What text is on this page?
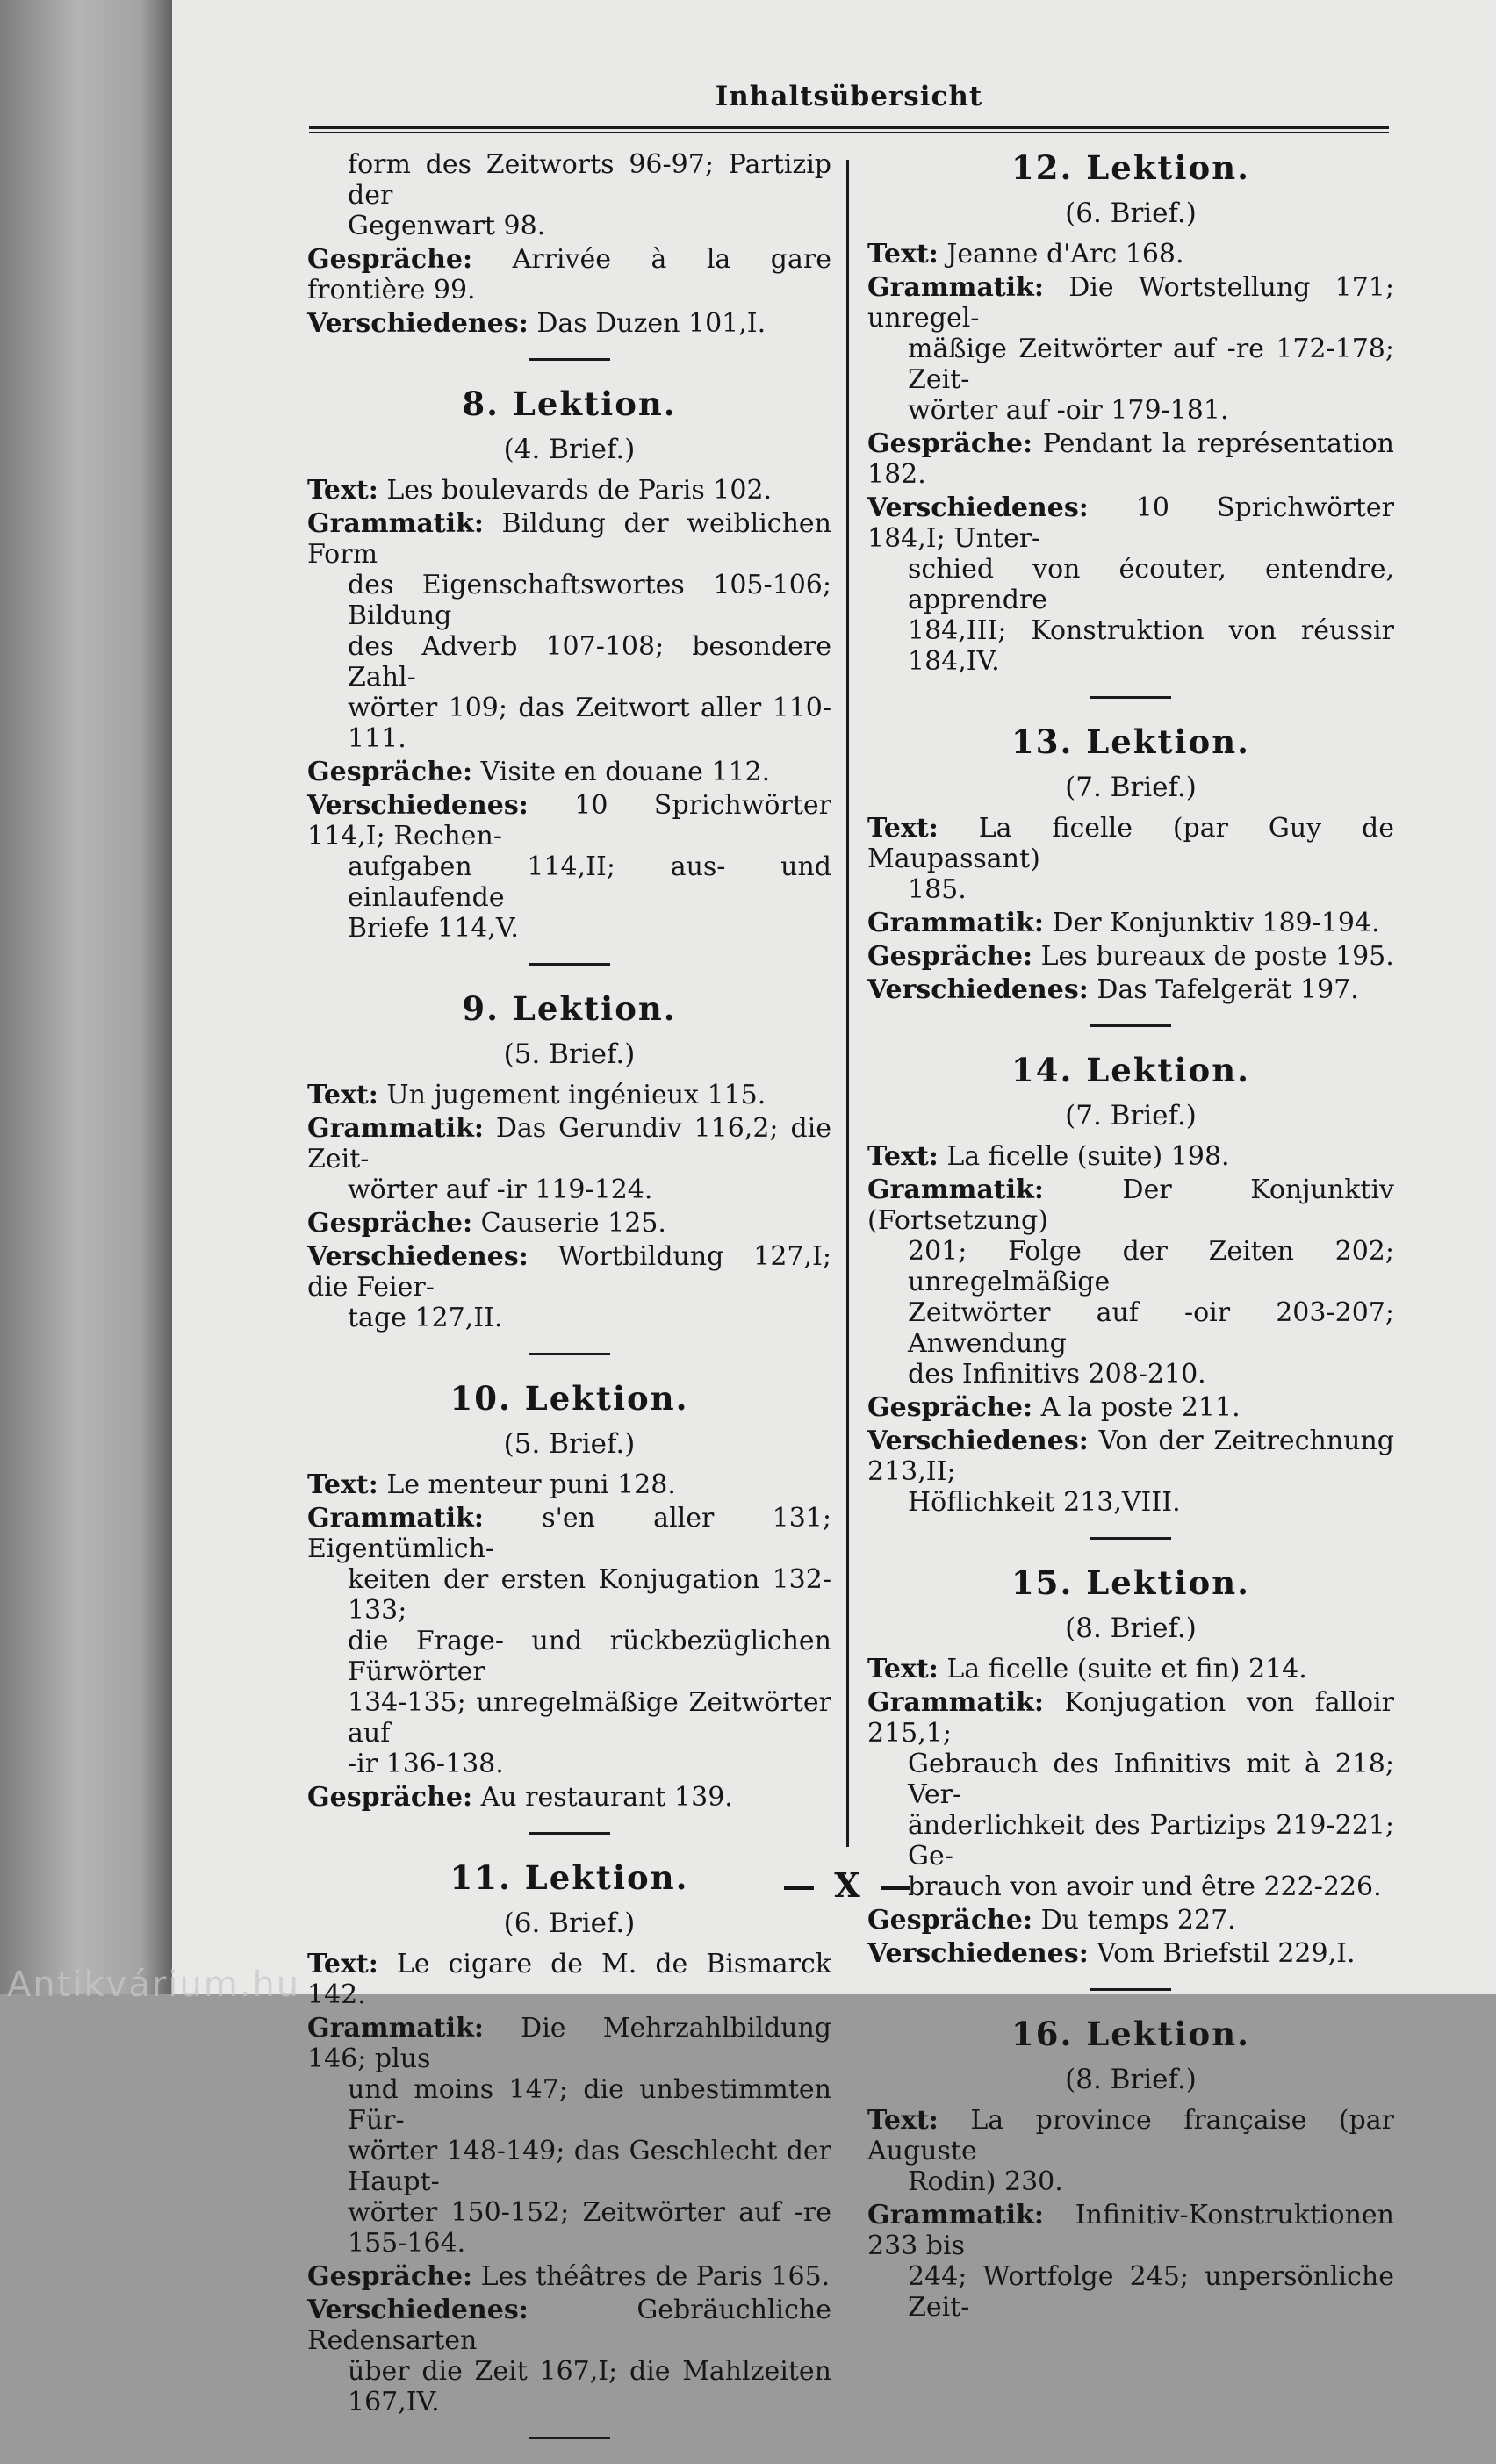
Inhaltsübersicht
form des Zeitworts 96-97; Partizip der
Gegenwart 98.
Gespräche: Arrivée à la gare frontière 99.
Verschiedenes: Das Duzen 101,I.
8. Lektion.
(4. Brief.)
Text: Les boulevards de Paris 102.
Grammatik: Bildung der weiblichen Form
des Eigenschaftswortes 105-106; Bildung
des Adverb 107-108; besondere Zahl-
wörter 109; das Zeitwort aller 110-111.
Gespräche: Visite en douane 112.
Verschiedenes: 10 Sprichwörter 114,I; Rechen-
aufgaben 114,II; aus- und einlaufende
Briefe 114,V.
9. Lektion.
(5. Brief.)
Text: Un jugement ingénieux 115.
Grammatik: Das Gerundiv 116,2; die Zeit-
wörter auf -ir 119-124.
Gespräche: Causerie 125.
Verschiedenes: Wortbildung 127,I; die Feier-
tage 127,II.
10. Lektion.
(5. Brief.)
Text: Le menteur puni 128.
Grammatik: s'en aller 131; Eigentümlich-
keiten der ersten Konjugation 132-133;
die Frage- und rückbezüglichen Fürwörter
134-135; unregelmäßige Zeitwörter auf
-ir 136-138.
Gespräche: Au restaurant 139.
11. Lektion.
(6. Brief.)
Text: Le cigare de M. de Bismarck 142.
Grammatik: Die Mehrzahlbildung 146; plus
und moins 147; die unbestimmten Für-
wörter 148-149; das Geschlecht der Haupt-
wörter 150-152; Zeitwörter auf -re 155-164.
Gespräche: Les théâtres de Paris 165.
Verschiedenes:	Gebräuchliche Redensarten
über die Zeit 167,I; die Mahlzeiten 167,IV.
12. Lektion.
(6. Brief.)
Text: Jeanne d'Arc 168.
Grammatik: Die Wortstellung 171; unregel-
mäßige Zeitwörter auf -re 172-178; Zeit-
wörter auf -oir 179-181.
Gespräche: Pendant la représentation 182.
Verschiedenes: 10 Sprichwörter 184,I; Unter-
schied von écouter, entendre, apprendre
184,III; Konstruktion von réussir 184,IV.
13. Lektion.
(7. Brief.)
Text: La ficelle (par Guy de Maupassant)
185.
Grammatik: Der Konjunktiv 189-194.
Gespräche: Les bureaux de poste 195.
Verschiedenes: Das Tafelgerät 197.
14. Lektion.
(7. Brief.)
Text: La ficelle (suite) 198.
Grammatik:	Der Konjunktiv (Fortsetzung)
201; Folge der Zeiten 202; unregelmäßige
Zeitwörter auf -oir 203-207; Anwendung
des Infinitivs 208-210.
Gespräche: A la poste 211.
Verschiedenes: Von der Zeitrechnung 213,II;
Höflichkeit 213,VIII.
15. Lektion.
(8. Brief.)
Text: La ficelle (suite et fin) 214.
Grammatik: Konjugation von falloir 215,1;
Gebrauch des Infinitivs mit à 218; Ver-
änderlichkeit des Partizips 219-221; Ge-
brauch von avoir und être 222-226.
Gespräche: Du temps 227.
Verschiedenes: Vom Briefstil 229,I.
16. Lektion.
(8. Brief.)
Text: La province française (par Auguste
Rodin) 230.
Grammatik: Infinitiv-Konstruktionen 233 bis
244; Wortfolge 245; unpersönliche Zeit-
— X —
Antikvárium.hu
